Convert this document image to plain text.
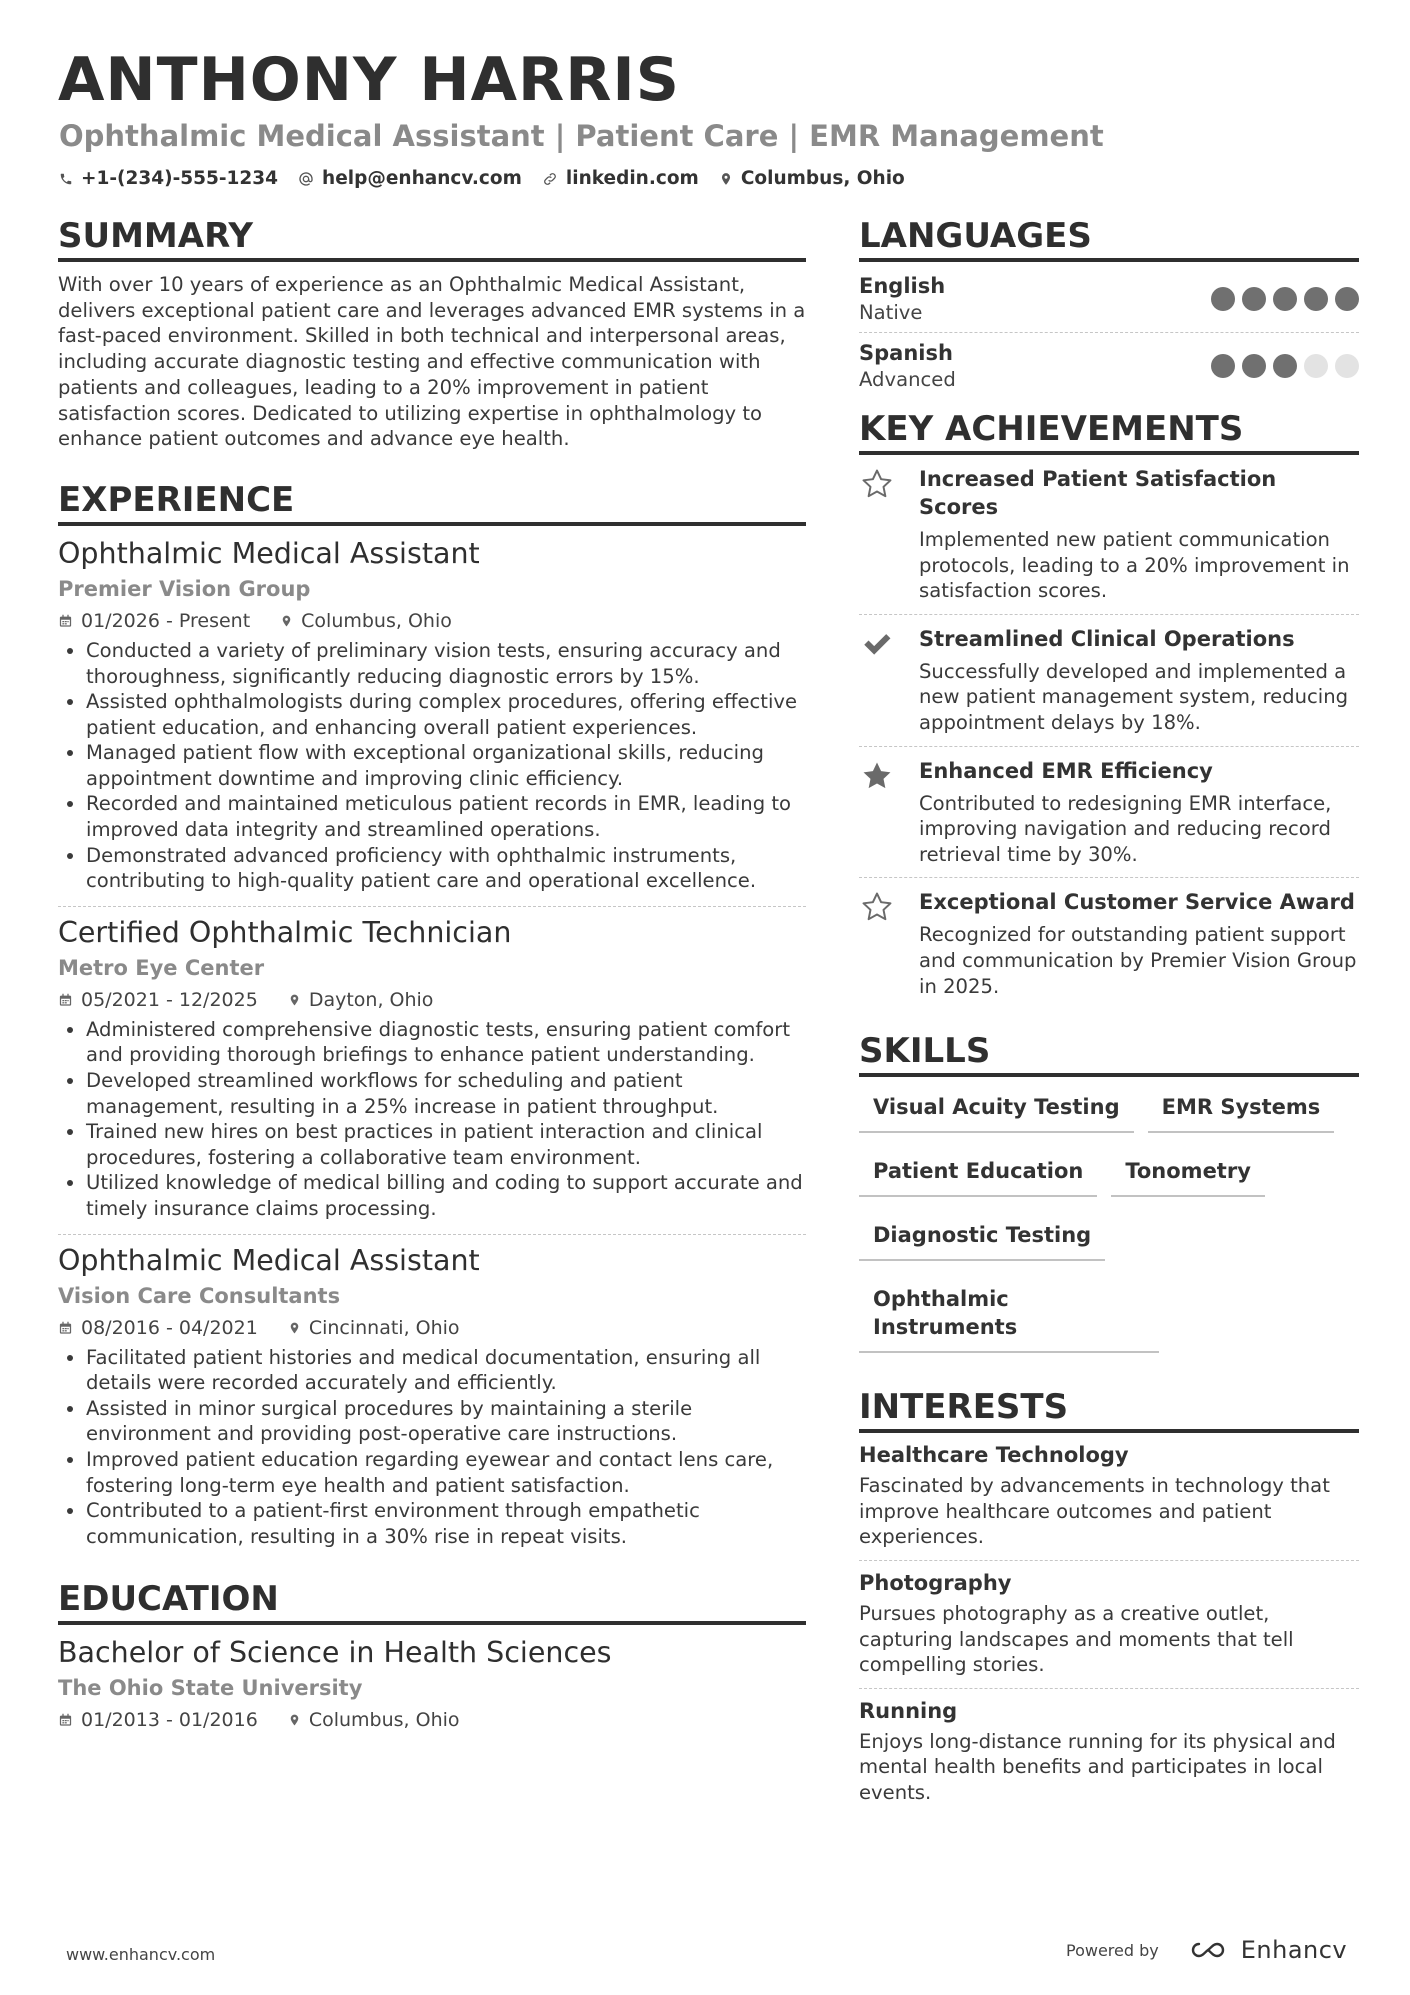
ANTHONY HARRIS
Ophthalmic Medical Assistant | Patient Care | EMR Management
+1-(234)-555-1234 help@enhancv.com linkedin.com Columbus, Ohio
SUMMARY

With over 10 years of experience as an Ophthalmic Medical Assistant, delivers exceptional patient care and leverages advanced EMR systems in a fast-paced environment. Skilled in both technical and interpersonal areas, including accurate diagnostic testing and effective communication with patients and colleagues, leading to a 20% improvement in patient satisfaction scores. Dedicated to utilizing expertise in ophthalmology to enhance patient outcomes and advance eye health.

EXPERIENCE
Ophthalmic Medical Assistant
Premier Vision Group
01/2026 - Present	Columbus, Ohio
• Conducted a variety of preliminary vision tests, ensuring accuracy and thoroughness, significantly reducing diagnostic errors by 15%.
• Assisted ophthalmologists during complex procedures, offering effective patient education, and enhancing overall patient experiences.
• Managed patient flow with exceptional organizational skills, reducing appointment downtime and improving clinic efficiency.
• Recorded and maintained meticulous patient records in EMR, leading to improved data integrity and streamlined operations.
• Demonstrated advanced proficiency with ophthalmic instruments, contributing to high-quality patient care and operational excellence.
Certified Ophthalmic Technician
Metro Eye Center
05/2021 - 12/2025	Dayton, Ohio
• Administered comprehensive diagnostic tests, ensuring patient comfort and providing thorough briefings to enhance patient understanding.
• Developed streamlined workflows for scheduling and patient management, resulting in a 25% increase in patient throughput.
• Trained new hires on best practices in patient interaction and clinical procedures, fostering a collaborative team environment.
• Utilized knowledge of medical billing and coding to support accurate and timely insurance claims processing.
Ophthalmic Medical Assistant
Vision Care Consultants
08/2016 - 04/2021	Cincinnati, Ohio
• Facilitated patient histories and medical documentation, ensuring all details were recorded accurately and efficiently.
• Assisted in minor surgical procedures by maintaining a sterile environment and providing post-operative care instructions.
• Improved patient education regarding eyewear and contact lens care, fostering long-term eye health and patient satisfaction.
• Contributed to a patient-first environment through empathetic communication, resulting in a 30% rise in repeat visits.
EDUCATION
Bachelor of Science in Health Sciences
The Ohio State University
01/2013 - 01/2016	Columbus, Ohio
LANGUAGES
English
Native
Spanish
Advanced
KEY ACHIEVEMENTS
Increased Patient Satisfaction Scores
Implemented new patient communication protocols, leading to a 20% improvement in satisfaction scores.
Streamlined Clinical Operations
Successfully developed and implemented a new patient management system, reducing appointment delays by 18%.
Enhanced EMR Efficiency
Contributed to redesigning EMR interface, improving navigation and reducing record retrieval time by 30%.
Exceptional Customer Service Award
Recognized for outstanding patient support and communication by Premier Vision Group in 2025.
SKILLS
Visual Acuity Testing	EMR Systems
Patient Education	Tonometry
Diagnostic Testing
Ophthalmic Instruments
INTERESTS
Healthcare Technology
Fascinated by advancements in technology that improve healthcare outcomes and patient experiences.
Photography
Pursues photography as a creative outlet, capturing landscapes and moments that tell compelling stories.
Running
Enjoys long-distance running for its physical and mental health benefits and participates in local events.
www.enhancv.com	Powered by	Enhancv
